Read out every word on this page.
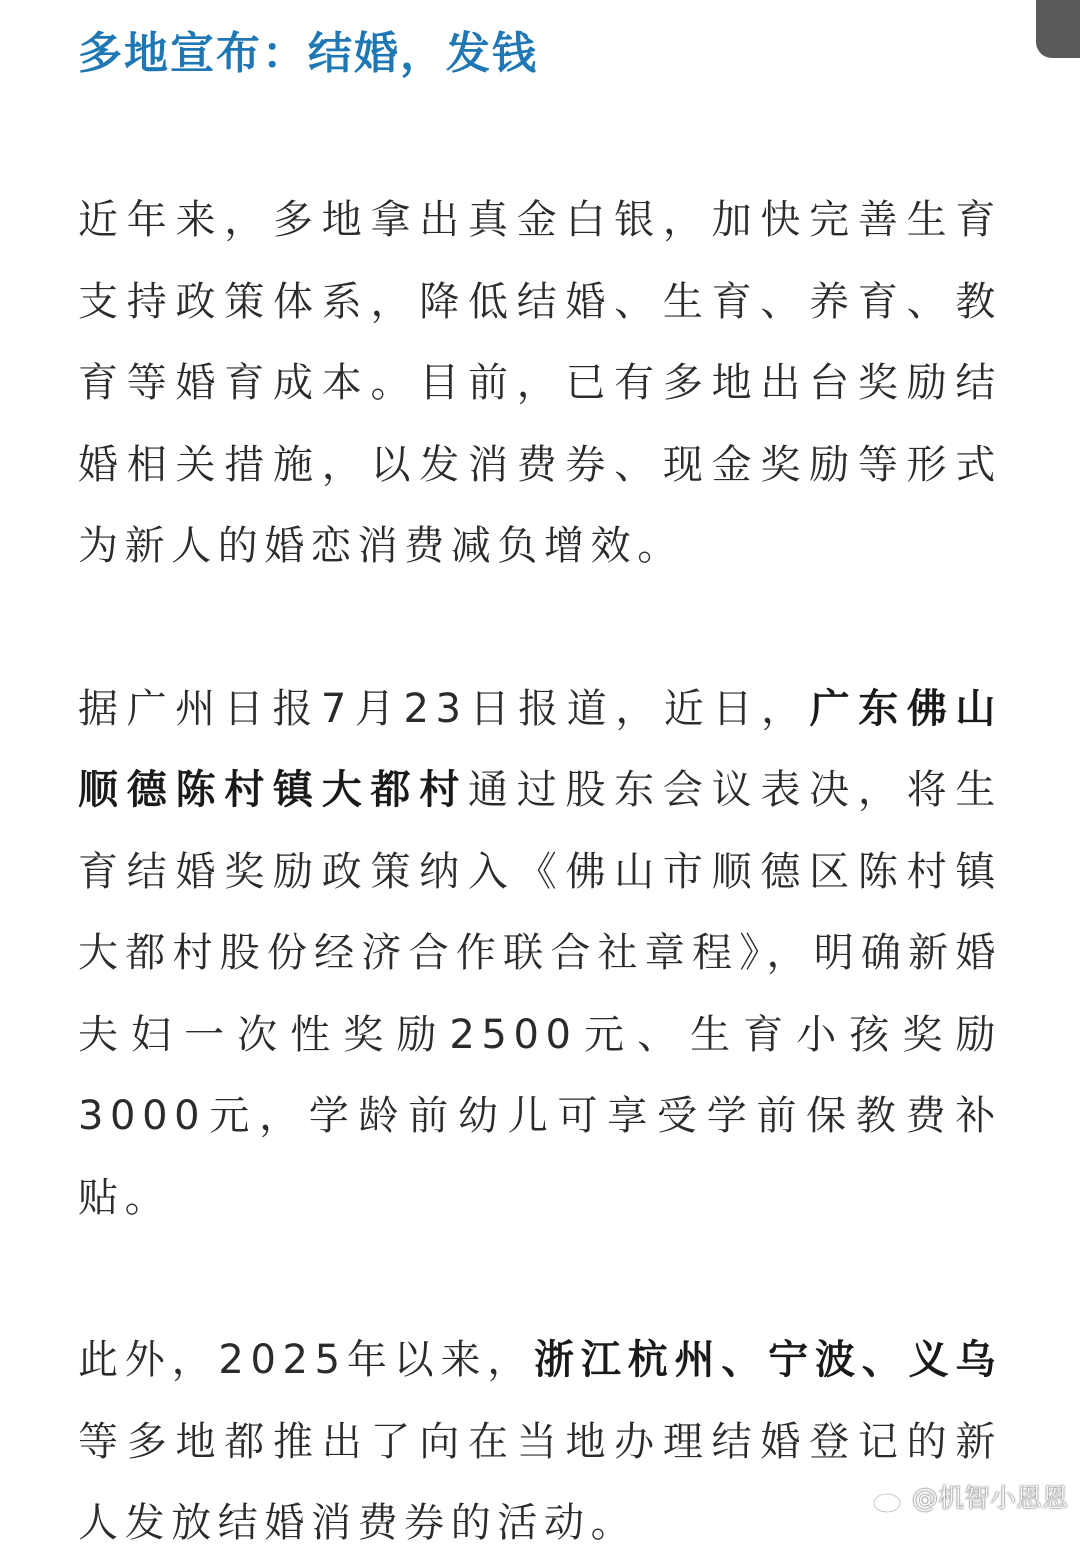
多地宣布：结婚，发钱

近年来，多地拿出真金白银，加快完善生育支持政策体系，降低结婚、生育、养育、教育等婚育成本。目前，已有多地出台奖励结婚相关措施，以发消费券、现金奖励等形式为新人的婚恋消费减负增效。

据广州日报7月23日报道，近日，广东佛山顺德陈村镇大都村通过股东会议表决，将生育结婚奖励政策纳入《佛山市顺德区陈村镇大都村股份经济合作联合社章程》，明确新婚夫妇一次性奖励2500元、生育小孩奖励3000元，学龄前幼儿可享受学前保教费补贴。

此外，2025年以来，浙江杭州、宁波、义乌等多地都推出了向在当地办理结婚登记的新人发放结婚消费券的活动。

@机智小恩恩
